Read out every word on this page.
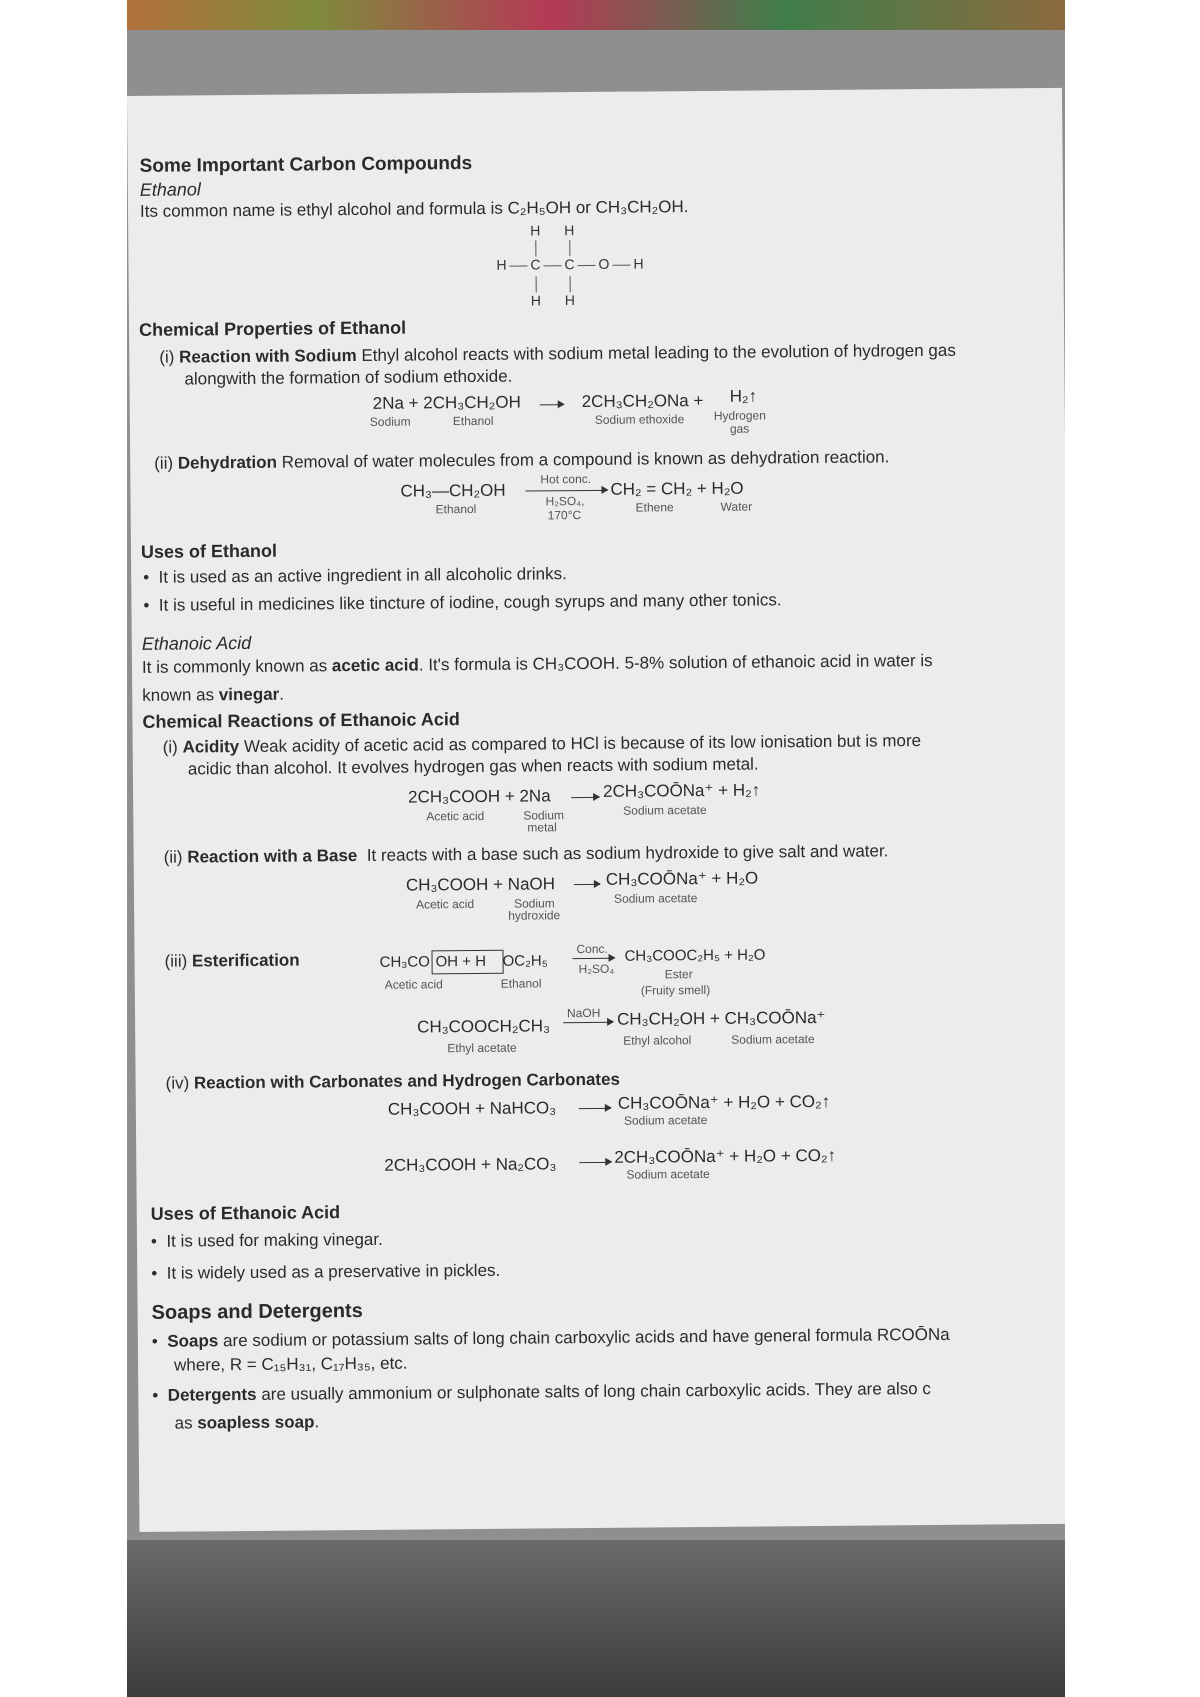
Some Important Carbon Compounds
Ethanol
Its common name is ethyl alcohol and formula is C₂H₅OH or CH₃CH₂OH.
H H
H C C O H
H H
Chemical Properties of Ethanol
(i) Reaction with Sodium Ethyl alcohol reacts with sodium metal leading to the evolution of hydrogen gas
alongwith the formation of sodium ethoxide.
2Na + 2CH₃CH₂OH	2CH₃CH₂ONa + H₂↑
Sodium	Ethanol	Sodium ethoxide Hydrogen
gas
(ii) Dehydration Removal of water molecules from a compound is known as dehydration reaction.
CH₃—CH₂OH
Hot conc.
H₂SO₄,
170°C
CH₂ = CH₂ + H₂O
Ethanol	Ethene	Water
Uses of Ethanol
• It is used as an active ingredient in all alcoholic drinks.
• It is useful in medicines like tincture of iodine, cough syrups and many other tonics.
Ethanoic Acid
It is commonly known as acetic acid. It's formula is CH₃COOH. 5-8% solution of ethanoic acid in water is
known as vinegar.
Chemical Reactions of Ethanoic Acid
(i) Acidity Weak acidity of acetic acid as compared to HCl is because of its low ionisation but is more
acidic than alcohol. It evolves hydrogen gas when reacts with sodium metal.
2CH₃COOH + 2Na	2CH₃COŌNa⁺ + H₂↑
Acetic acid	Sodium
metal
Sodium acetate
(ii) Reaction with a Base It reacts with a base such as sodium hydroxide to give salt and water.
CH₃COOH + NaOH	CH₃COŌNa⁺ + H₂O
Acetic acid	Sodium
hydroxide
Sodium acetate
(iii) Esterification	CH₃CO OH + H OC₂H₅
Conc.
H₂SO₄
CH₃COOC₂H₅ + H₂O
Acetic acid	Ethanol
Ester
(Fruity smell)
CH₃COOCH₂CH₃
NaOH CH₃CH₂OH + CH₃COŌNa⁺
Ethyl acetate
Ethyl alcohol	Sodium acetate
(iv) Reaction with Carbonates and Hydrogen Carbonates
CH₃COOH + NaHCO₃	CH₃COŌNa⁺ + H₂O + CO₂↑
Sodium acetate
2CH₃COOH + Na₂CO₃	2CH₃COŌNa⁺ + H₂O + CO₂↑
Sodium acetate
Uses of Ethanoic Acid
• It is used for making vinegar.
• It is widely used as a preservative in pickles.
Soaps and Detergents
• Soaps are sodium or potassium salts of long chain carboxylic acids and have general formula RCOŌNa
where, R = C₁₅H₃₁, C₁₇H₃₅, etc.
• Detergents are usually ammonium or sulphonate salts of long chain carboxylic acids. They are also c
as soapless soap.
